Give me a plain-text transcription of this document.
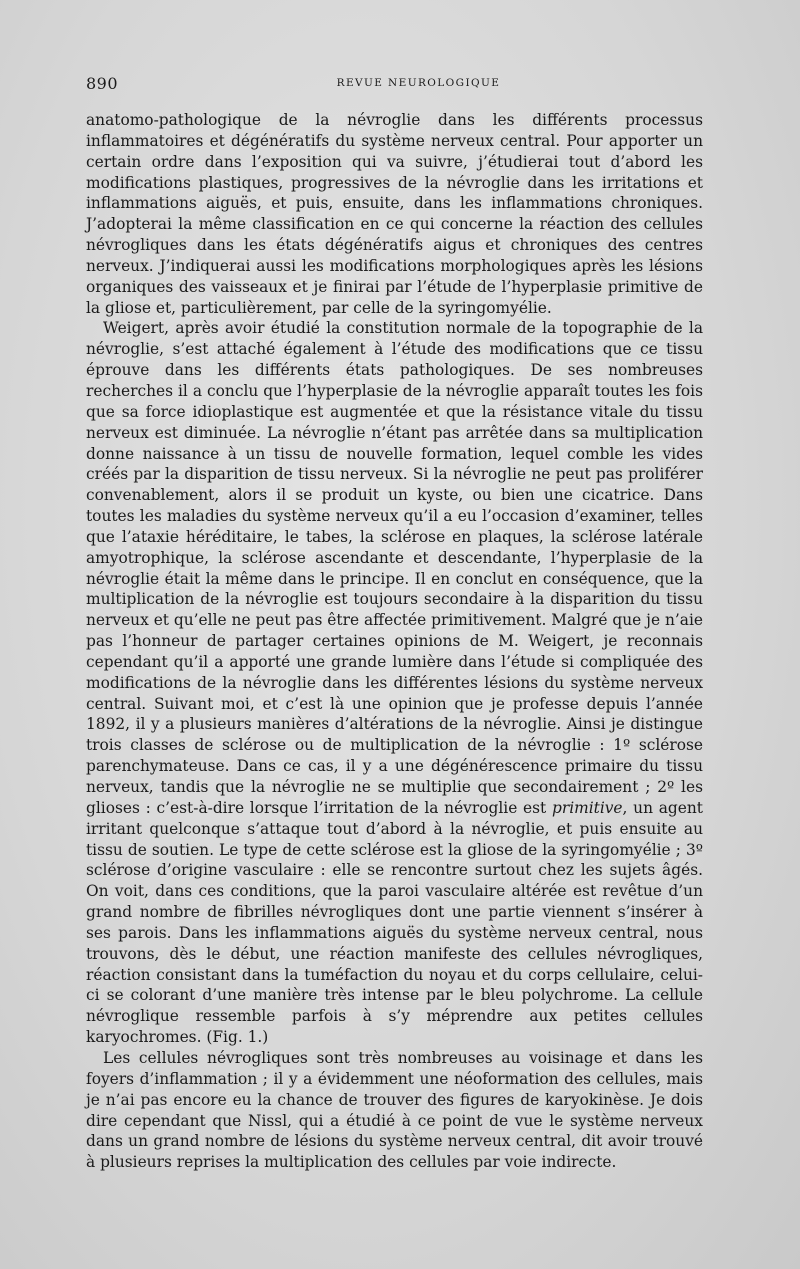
890	REVUE NEUROLOGIQUE

anatomo-pathologique de la névroglie dans les différents processus inflammatoires et dégénératifs du système nerveux central. Pour apporter un certain ordre dans l’exposition qui va suivre, j’étudierai tout d’abord les modifications plastiques, progressives de la névroglie dans les irritations et inflammations aiguës, et puis, ensuite, dans les inflammations chroniques. J’adopterai la même classification en ce qui concerne la réaction des cellules névrogliques dans les états dégénératifs aigus et chroniques des centres nerveux. J’indiquerai aussi les modifications morphologiques après les lésions organiques des vaisseaux et je finirai par l’étude de l’hyperplasie primitive de la gliose et, particulièrement, par celle de la syringomyélie.

Weigert, après avoir étudié la constitution normale de la topographie de la névroglie, s’est attaché également à l’étude des modifications que ce tissu éprouve dans les différents états pathologiques. De ses nombreuses recherches il a conclu que l’hyperplasie de la névroglie apparaît toutes les fois que sa force idioplastique est augmentée et que la résistance vitale du tissu nerveux est diminuée. La névroglie n’étant pas arrêtée dans sa multiplication donne naissance à un tissu de nouvelle formation, lequel comble les vides créés par la disparition de tissu nerveux. Si la névroglie ne peut pas proliférer convenablement, alors il se produit un kyste, ou bien une cicatrice. Dans toutes les maladies du système nerveux qu’il a eu l’occasion d’examiner, telles que l’ataxie héréditaire, le tabes, la sclérose en plaques, la sclérose latérale amyotrophique, la sclérose ascendante et descendante, l’hyperplasie de la névroglie était la même dans le principe. Il en conclut en conséquence, que la multiplication de la névroglie est toujours secondaire à la disparition du tissu nerveux et qu’elle ne peut pas être affectée primitivement. Malgré que je n’aie pas l’honneur de partager certaines opinions de M. Weigert, je reconnais cependant qu’il a apporté une grande lumière dans l’étude si compliquée des modifications de la névroglie dans les différentes lésions du système nerveux central. Suivant moi, et c’est là une opinion que je professe depuis l’année 1892, il y a plusieurs manières d’altérations de la névroglie. Ainsi je distingue trois classes de sclérose ou de multiplication de la névroglie : 1º sclérose parenchymateuse. Dans ce cas, il y a une dégénérescence primaire du tissu nerveux, tandis que la névroglie ne se multiplie que secondairement ; 2º les glioses : c’est-à-dire lorsque l’irritation de la névroglie est primitive, un agent irritant quelconque s’attaque tout d’abord à la névroglie, et puis ensuite au tissu de soutien. Le type de cette sclérose est la gliose de la syringomyélie ; 3º sclérose d’origine vasculaire : elle se rencontre surtout chez les sujets âgés. On voit, dans ces conditions, que la paroi vasculaire altérée est revêtue d’un grand nombre de fibrilles névrogliques dont une partie viennent s’insérer à ses parois. Dans les inflammations aiguës du système nerveux central, nous trouvons, dès le début, une réaction manifeste des cellules névrogliques, réaction consistant dans la tuméfaction du noyau et du corps cellulaire, celui-ci se colorant d’une manière très intense par le bleu polychrome. La cellule névroglique ressemble parfois à s’y méprendre aux petites cellules karyochromes. (Fig. 1.)

Les cellules névrogliques sont très nombreuses au voisinage et dans les foyers d’inflammation ; il y a évidemment une néoformation des cellules, mais je n’ai pas encore eu la chance de trouver des figures de karyokinèse. Je dois dire cependant que Nissl, qui a étudié à ce point de vue le système nerveux dans un grand nombre de lésions du système nerveux central, dit avoir trouvé à plusieurs reprises la multiplication des cellules par voie indirecte.
